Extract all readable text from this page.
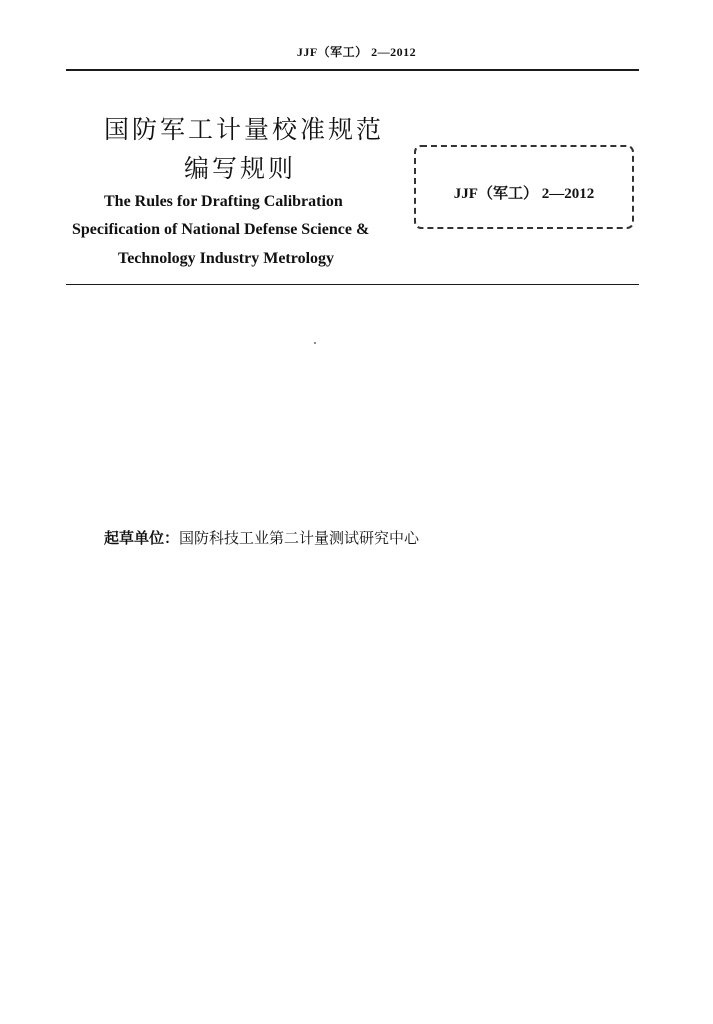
JJF（军工） 2—2012
国防军工计量校准规范
编写规则
The Rules for Drafting Calibration
Specification of National Defense Science &
Technology Industry Metrology
JJF（军工） 2—2012
起草单位：国防科技工业第二计量测试研究中心
